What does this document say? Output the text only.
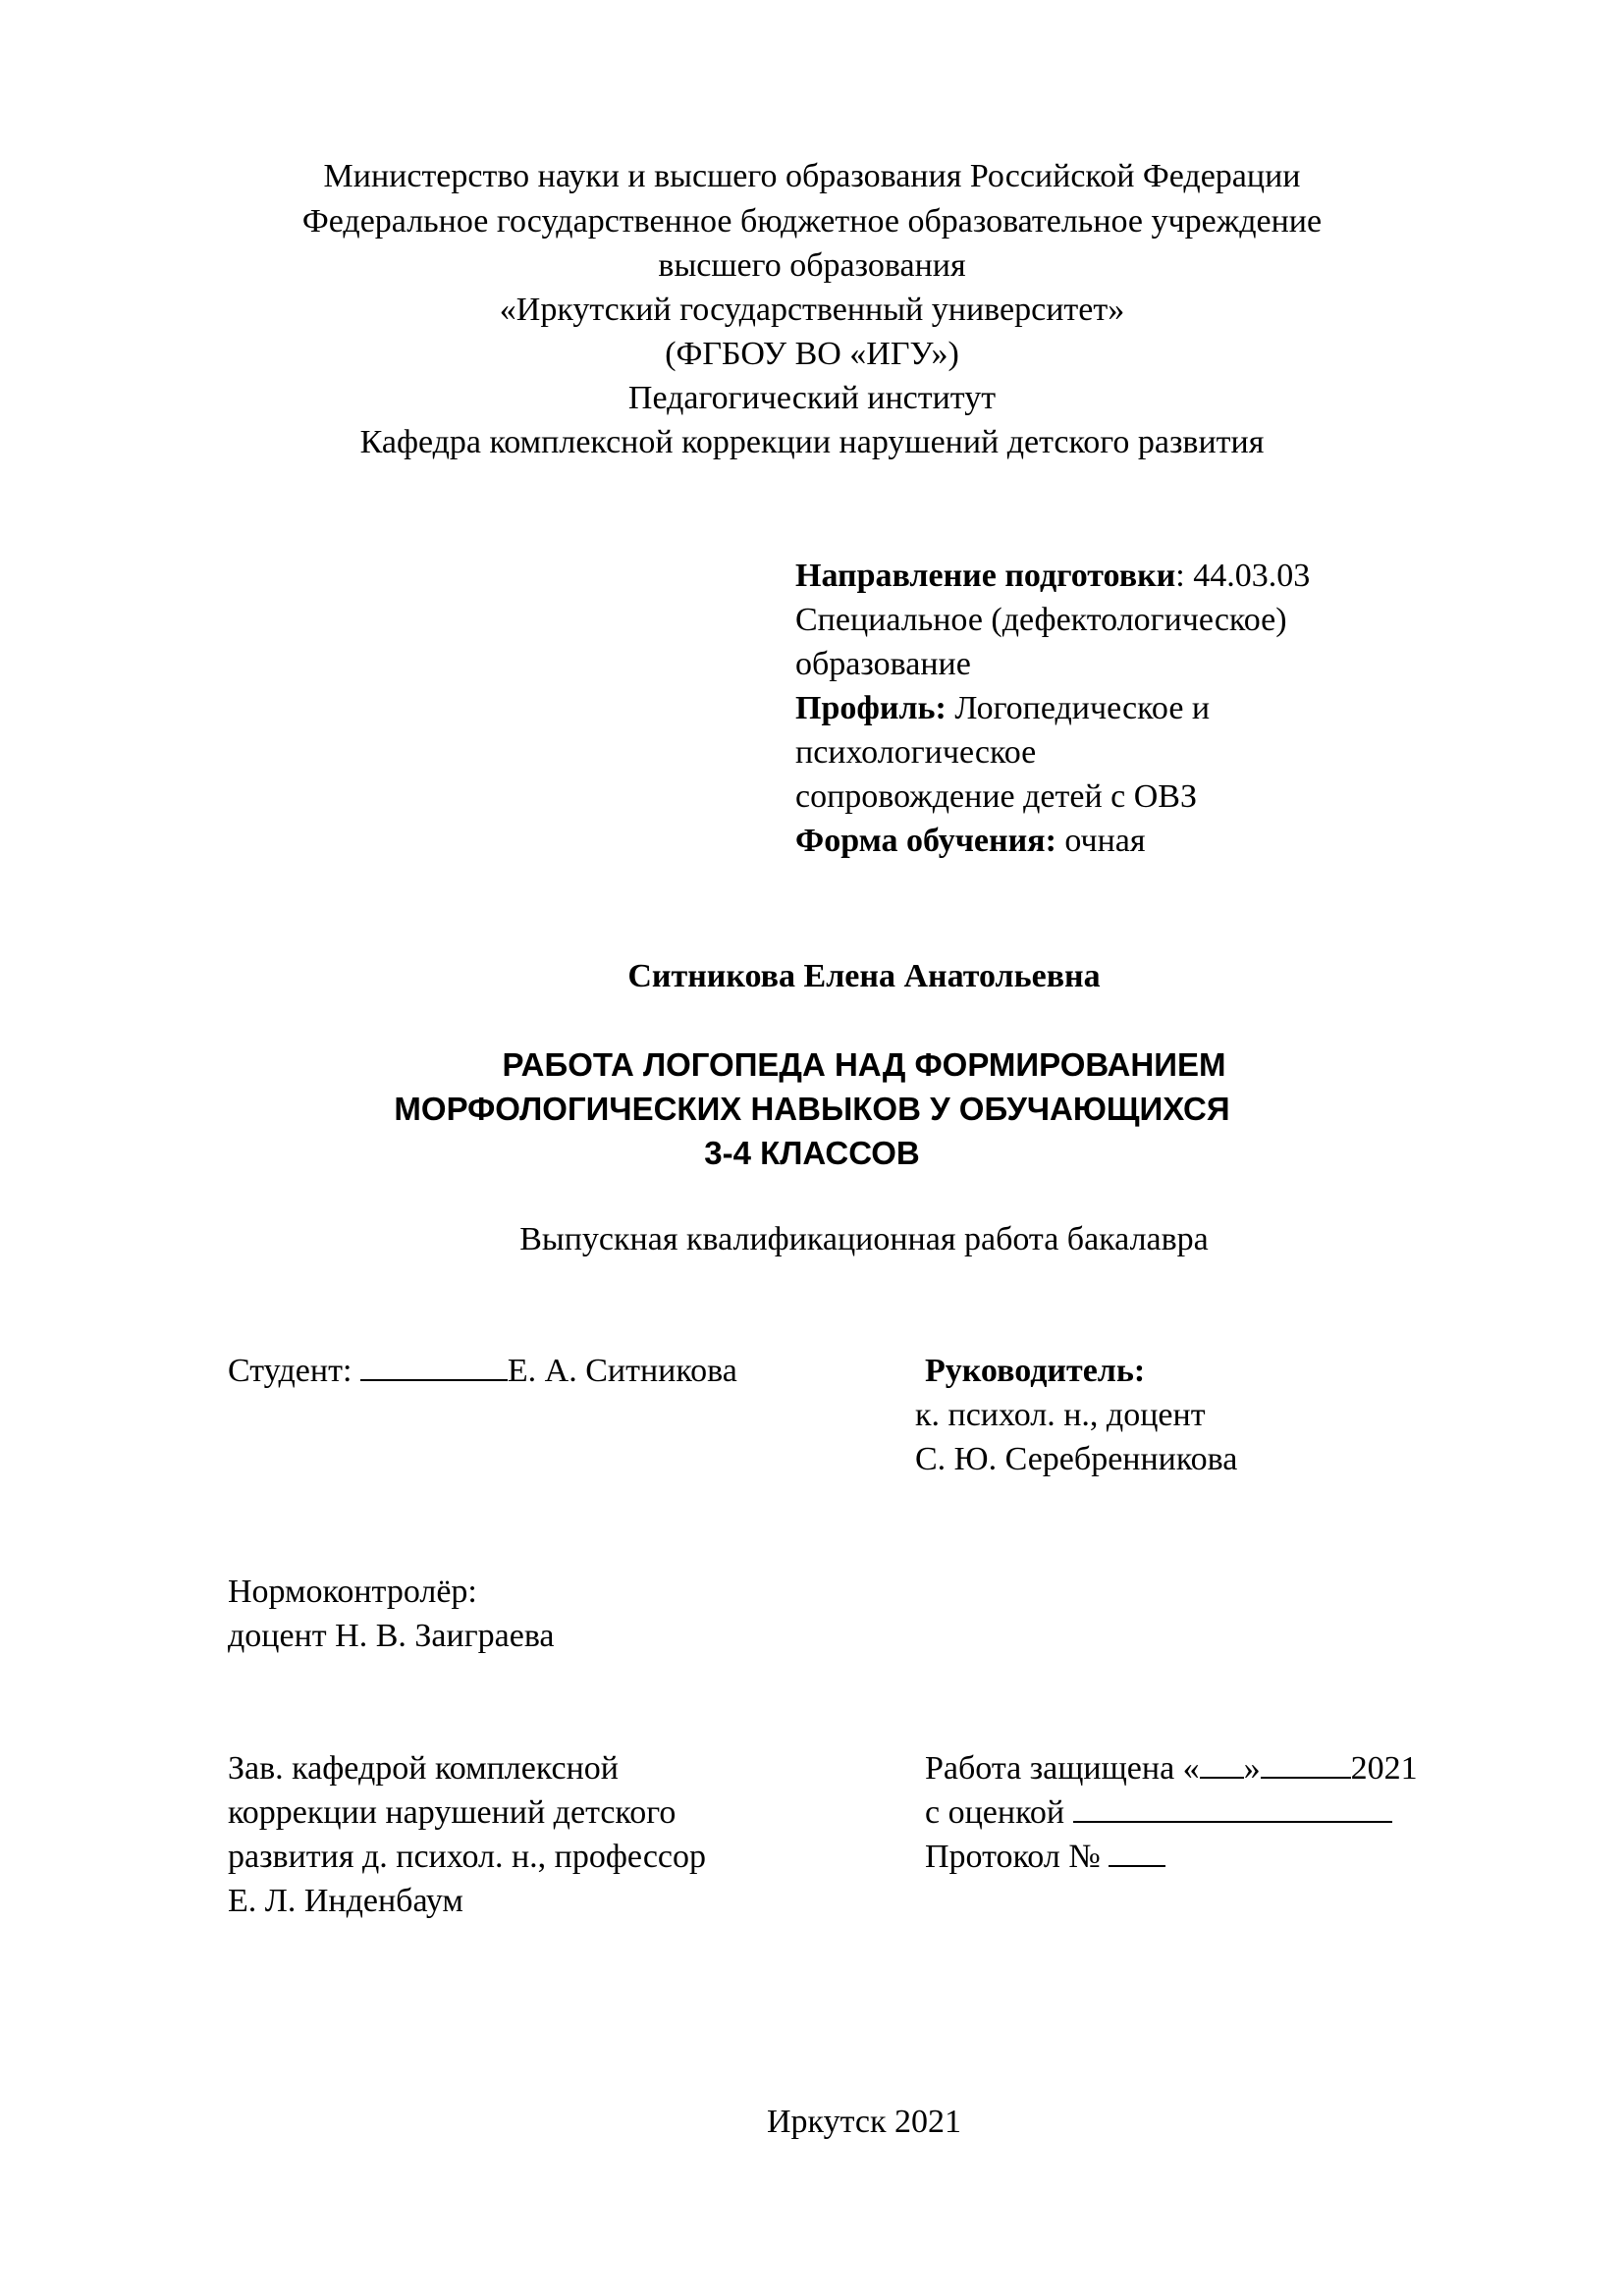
Министерство науки и высшего образования Российской Федерации
Федеральное государственное бюджетное образовательное учреждение
высшего образования
«Иркутский государственный университет»
(ФГБОУ ВО «ИГУ»)
Педагогический институт
Кафедра комплексной коррекции нарушений детского развития
Направление подготовки: 44.03.03
Специальное (дефектологическое)
образование
Профиль: Логопедическое и
психологическое
сопровождение детей с ОВЗ
Форма обучения: очная
Ситникова Елена Анатольевна
РАБОТА ЛОГОПЕДА НАД ФОРМИРОВАНИЕМ
МОРФОЛОГИЧЕСКИХ НАВЫКОВ У ОБУЧАЮЩИХСЯ
3-4 КЛАССОВ
Выпускная квалификационная работа бакалавра
Студент:	Е. А. Ситникова	Руководитель:
к. психол. н., доцент
С. Ю. Серебренникова
Нормоконтролёр:
доцент Н. В. Заиграева
Зав. кафедрой комплексной
коррекции нарушений детского
развития д. психол. н., профессор
Е. Л. Инденбаум
Работа защищена « »	2021
с оценкой
Протокол №
Иркутск 2021
